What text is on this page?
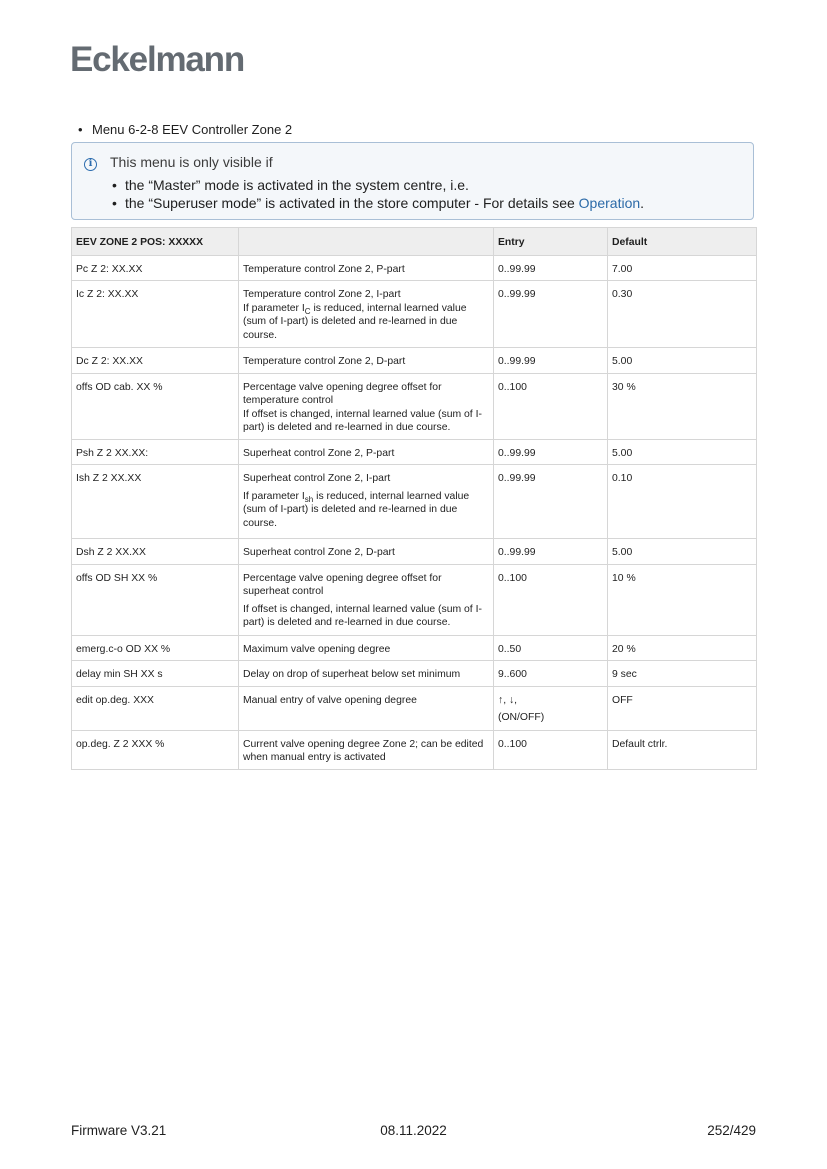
Eckelmann
• Menu 6-2-8 EEV Controller Zone 2
i	This menu is only visible if
• the “Master” mode is activated in the system centre, i.e.
• the “Superuser mode” is activated in the store computer - For details see Operation.
EEV ZONE 2 POS: XXXXX		Entry	Default
Pc Z 2: XX.XX	Temperature control Zone 2, P-part	0..99.99	7.00
Ic Z 2: XX.XX	Temperature control Zone 2, I-part
If parameter $I_C$ is reduced, internal learned value (sum of I-part) is deleted and re-learned in due course.	0..99.99	0.30
Dc Z 2: XX.XX	Temperature control Zone 2, D-part	0..99.99	5.00
offs OD cab. XX %	Percentage valve opening degree offset for temperature control
If offset is changed, internal learned value (sum of I-part) is deleted and re-learned in due course.	0..100	30 %
Psh Z 2 XX.XX:	Superheat control Zone 2, P-part	0..99.99	5.00
Ish Z 2 XX.XX	Superheat control Zone 2, I-part
If parameter $I_{sh}$ is reduced, internal learned value (sum of I-part) is deleted and re-learned in due course.	0..99.99	0.10
Dsh Z 2 XX.XX	Superheat control Zone 2, D-part	0..99.99	5.00
offs OD SH XX %	Percentage valve opening degree offset for superheat control
If offset is changed, internal learned value (sum of I-part) is deleted and re-learned in due course.	0..100	10 %
emerg.c-o OD XX %	Maximum valve opening degree	0..50	20 %
delay min SH XX s	Delay on drop of superheat below set minimum	9..600	9 sec
edit op.deg. XXX	Manual entry of valve opening degree	↑, ↓,
(ON/OFF)	OFF
op.deg. Z 2 XXX %	Current valve opening degree Zone 2; can be edited when manual entry is activated	0..100	Default ctrlr.
Firmware V3.21	08.11.2022	252/429
